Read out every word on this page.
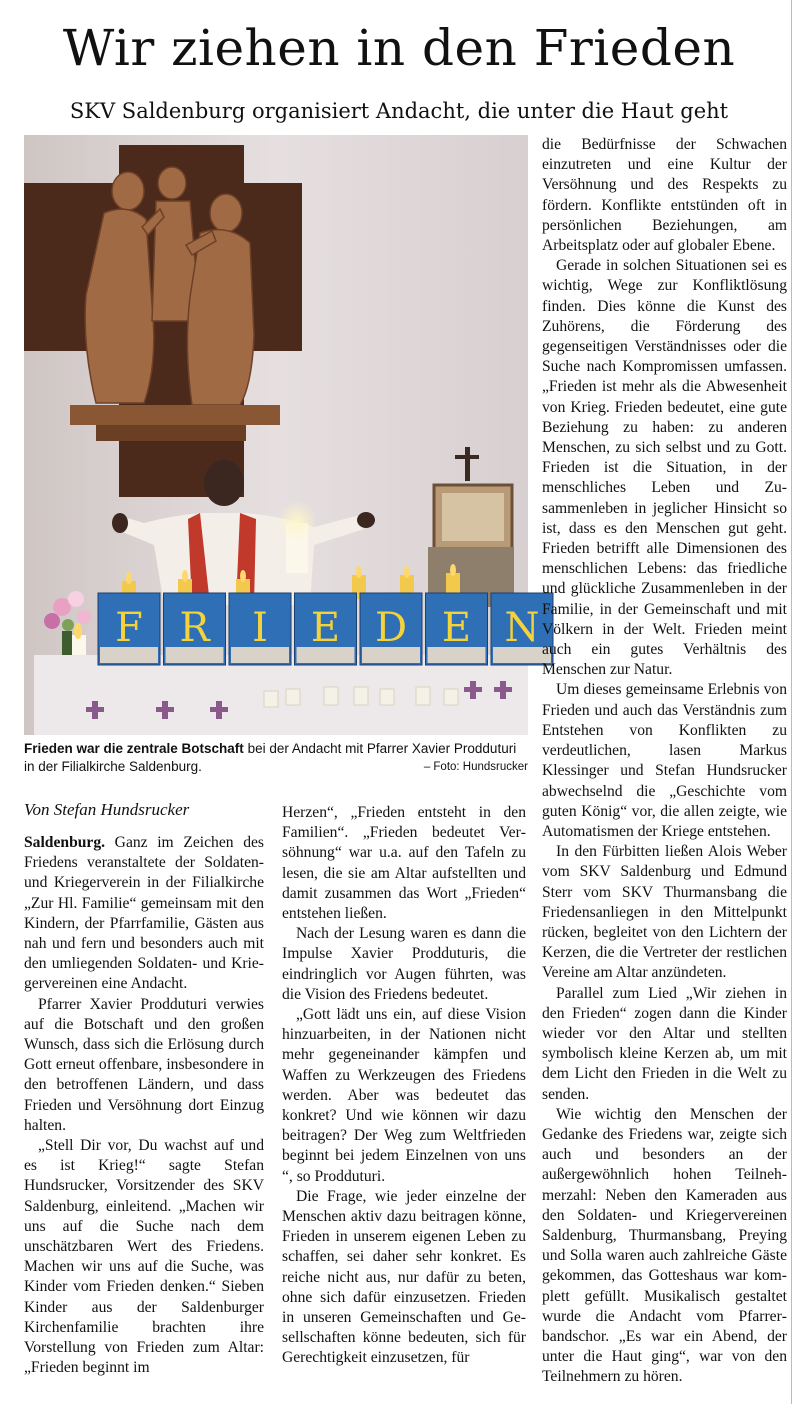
Wir ziehen in den Frieden
SKV Saldenburg organisiert Andacht, die unter die Haut geht
F R I E D E N
Frieden war die zentrale Botschaft bei der Andacht mit Pfarrer Xavier Prodduturi in der Filialkirche Saldenburg.	– Foto: Hundsrucker
Von Stefan Hundsrucker

Saldenburg. Ganz im Zeichen des Friedens veranstaltete der Soldaten- und Kriegerverein in der Filialkirche „Zur Hl. Familie“ gemeinsam mit den Kindern, der Pfarrfamilie, Gästen aus nah und fern und besonders auch mit den umliegenden Soldaten- und Kriegervereinen eine Andacht.

Pfarrer Xavier Prodduturi verwies auf die Botschaft und den großen Wunsch, dass sich die Erlösung durch Gott erneut offenbare, insbesondere in den betroffenen Ländern, und dass Frieden und Versöhnung dort Einzug halten.

„Stell Dir vor, Du wachst auf und es ist Krieg!“ sagte Stefan Hundsrucker, Vorsitzender des SKV Saldenburg, einleitend. „Machen wir uns auf die Suche nach dem unschätzbaren Wert des Friedens. Machen wir uns auf die Suche, was Kinder vom Frieden denken.“ Sieben Kinder aus der Saldenburger Kirchenfamilie brachten ihre Vorstellung von Frieden zum Altar: „Frieden beginnt im

Herzen“, „Frieden entsteht in den Familien“. „Frieden bedeutet Versöhnung“ war u.a. auf den Tafeln zu lesen, die sie am Altar aufstellten und damit zusammen das Wort „Frieden“ entstehen ließen.

Nach der Lesung waren es dann die Impulse Xavier Prodduturis, die eindringlich vor Augen führten, was die Vision des Friedens bedeutet.

„Gott lädt uns ein, auf diese Vision hinzuarbeiten, in der Nationen nicht mehr gegeneinander kämpfen und Waffen zu Werkzeugen des Friedens werden. Aber was bedeutet das konkret? Und wie können wir dazu beitragen? Der Weg zum Weltfrieden beginnt bei jedem Einzelnen von uns “, so Prodduturi.

Die Frage, wie jeder einzelne der Menschen aktiv dazu beitragen könne, Frieden in unserem eigenen Leben zu schaffen, sei daher sehr konkret. Es reiche nicht aus, nur dafür zu beten, ohne sich dafür einzusetzen. Frieden in unseren Gemeinschaften und Gesellschaften könne bedeuten, sich für Gerechtigkeit einzusetzen, für

die Bedürfnisse der Schwachen einzutreten und eine Kultur der Versöhnung und des Respekts zu fördern. Konflikte entstünden oft in persönlichen Beziehungen, am Arbeitsplatz oder auf globaler Ebene.

Gerade in solchen Situationen sei es wichtig, Wege zur Konfliktlösung finden. Dies könne die Kunst des Zuhörens, die Förderung des gegenseitigen Verständnisses oder die Suche nach Kompromissen umfassen. „Frieden ist mehr als die Abwesenheit von Krieg. Frieden bedeutet, eine gute Beziehung zu haben: zu anderen Menschen, zu sich selbst und zu Gott. Frieden ist die Situation, in der menschliches Leben und Zusammenleben in jeglicher Hinsicht so ist, dass es den Menschen gut geht. Frieden betrifft alle Dimensionen des menschlichen Lebens: das friedliche und glückliche Zusammenleben in der Familie, in der Gemeinschaft und mit Völkern in der Welt. Frieden meint auch ein gutes Verhältnis des Menschen zur Natur.

Um dieses gemeinsame Erlebnis von Frieden und auch das Verständnis zum Entstehen von Konflikten zu verdeutlichen, lasen Markus Klessinger und Stefan Hundsrucker abwechselnd die „Geschichte vom guten König“ vor, die allen zeigte, wie Automatismen der Kriege entstehen.

In den Fürbitten ließen Alois Weber vom SKV Saldenburg und Edmund Sterr vom SKV Thurmansbang die Friedensanliegen in den Mittelpunkt rücken, begleitet von den Lichtern der Kerzen, die die Vertreter der restlichen Vereine am Altar anzündeten.

Parallel zum Lied „Wir ziehen in den Frieden“ zogen dann die Kinder wieder vor den Altar und stellten symbolisch kleine Kerzen ab, um mit dem Licht den Frieden in die Welt zu senden.

Wie wichtig den Menschen der Gedanke des Friedens war, zeigte sich auch und besonders an der außergewöhnlich hohen Teilnehmerzahl: Neben den Kameraden aus den Soldaten- und Kriegervereinen Saldenburg, Thurmansbang, Preying und Solla waren auch zahlreiche Gäste gekommen, das Gotteshaus war komplett gefüllt. Musikalisch gestaltet wurde die Andacht vom Pfarrerbandschor. „Es war ein Abend, der unter die Haut ging“, war von den Teilnehmern zu hören.
